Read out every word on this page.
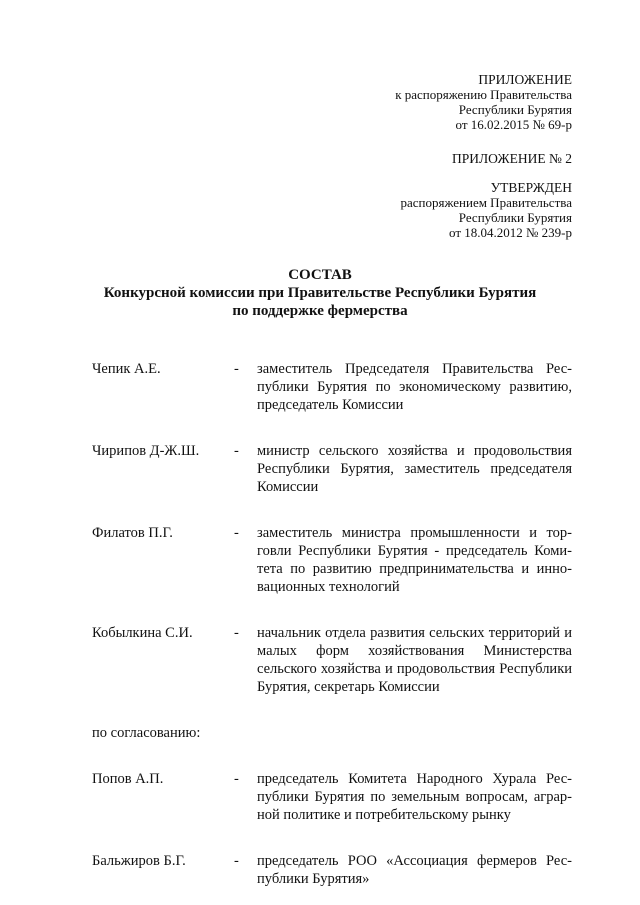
ПРИЛОЖЕНИЕ
к распоряжению Правительства
Республики Бурятия
от 16.02.2015 № 69-р
ПРИЛОЖЕНИЕ № 2
УТВЕРЖДЕН
распоряжением Правительства
Республики Бурятия
от 18.04.2012 № 239-р
СОСТАВ
Конкурсной комиссии при Правительстве Республики Бурятия
по поддержке фермерства
Чепик А.Е.	- заместитель Председателя Правительства Республики Бурятия по экономическому развитию, председатель Комиссии
Чирипов Д-Ж.Ш.	- министр сельского хозяйства и продовольствия Республики Бурятия, заместитель председателя Комиссии
Филатов П.Г.	- заместитель министра промышленности и торговли Республики Бурятия - председатель Комитета по развитию предпринимательства и инновационных технологий
Кобылкина С.И.	- начальник отдела развития сельских территорий и малых форм хозяйствования Министерства сельского хозяйства и продовольствия Республики Бурятия, секретарь Комиссии
по согласованию:
Попов А.П.	- председатель Комитета Народного Хурала Республики Бурятия по земельным вопросам, аграрной политике и потребительскому рынку
Бальжиров Б.Г.	- председатель РОО «Ассоциация фермеров Республики Бурятия»
